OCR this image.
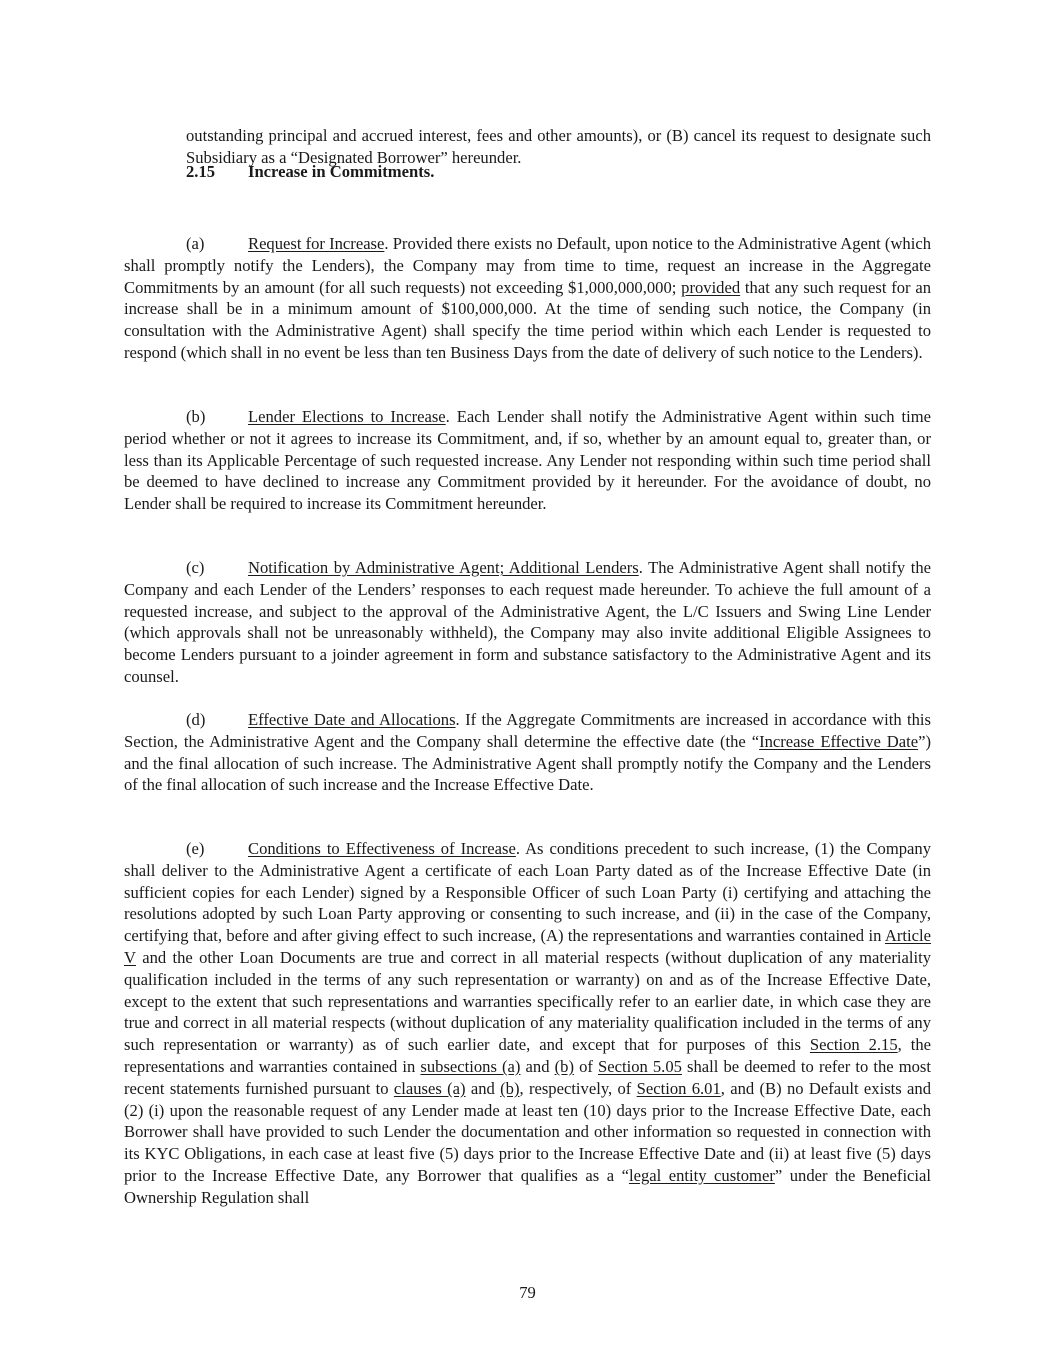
outstanding principal and accrued interest, fees and other amounts), or (B) cancel its request to designate such Subsidiary as a “Designated Borrower” hereunder.

2.15 Increase in Commitments.

(a)	Request for Increase. Provided there exists no Default, upon notice to the Administrative Agent (which shall promptly notify the Lenders), the Company may from time to time, request an increase in the Aggregate Commitments by an amount (for all such requests) not exceeding $1,000,000,000; provided that any such request for an increase shall be in a minimum amount of $100,000,000. At the time of sending such notice, the Company (in consultation with the Administrative Agent) shall specify the time period within which each Lender is requested to respond (which shall in no event be less than ten Business Days from the date of delivery of such notice to the Lenders).

(b)	Lender Elections to Increase. Each Lender shall notify the Administrative Agent within such time period whether or not it agrees to increase its Commitment, and, if so, whether by an amount equal to, greater than, or less than its Applicable Percentage of such requested increase. Any Lender not responding within such time period shall be deemed to have declined to increase any Commitment provided by it hereunder. For the avoidance of doubt, no Lender shall be required to increase its Commitment hereunder.

(c)	Notification by Administrative Agent; Additional Lenders. The Administrative Agent shall notify the Company and each Lender of the Lenders’ responses to each request made hereunder. To achieve the full amount of a requested increase, and subject to the approval of the Administrative Agent, the L/C Issuers and Swing Line Lender (which approvals shall not be unreasonably withheld), the Company may also invite additional Eligible Assignees to become Lenders pursuant to a joinder agreement in form and substance satisfactory to the Administrative Agent and its counsel.

(d)	Effective Date and Allocations. If the Aggregate Commitments are increased in accordance with this Section, the Administrative Agent and the Company shall determine the effective date (the “Increase Effective Date”) and the final allocation of such increase. The Administrative Agent shall promptly notify the Company and the Lenders of the final allocation of such increase and the Increase Effective Date.

(e)	Conditions to Effectiveness of Increase. As conditions precedent to such increase, (1) the Company shall deliver to the Administrative Agent a certificate of each Loan Party dated as of the Increase Effective Date (in sufficient copies for each Lender) signed by a Responsible Officer of such Loan Party (i) certifying and attaching the resolutions adopted by such Loan Party approving or consenting to such increase, and (ii) in the case of the Company, certifying that, before and after giving effect to such increase, (A) the representations and warranties contained in Article V and the other Loan Documents are true and correct in all material respects (without duplication of any materiality qualification included in the terms of any such representation or warranty) on and as of the Increase Effective Date, except to the extent that such representations and warranties specifically refer to an earlier date, in which case they are true and correct in all material respects (without duplication of any materiality qualification included in the terms of any such representation or warranty) as of such earlier date, and except that for purposes of this Section 2.15, the representations and warranties contained in subsections (a) and (b) of Section 5.05 shall be deemed to refer to the most recent statements furnished pursuant to clauses (a) and (b), respectively, of Section 6.01, and (B) no Default exists and (2) (i) upon the reasonable request of any Lender made at least ten (10) days prior to the Increase Effective Date, each Borrower shall have provided to such Lender the documentation and other information so requested in connection with its KYC Obligations, in each case at least five (5) days prior to the Increase Effective Date and (ii) at least five (5) days prior to the Increase Effective Date, any Borrower that qualifies as a “legal entity customer” under the Beneficial Ownership Regulation shall

79
